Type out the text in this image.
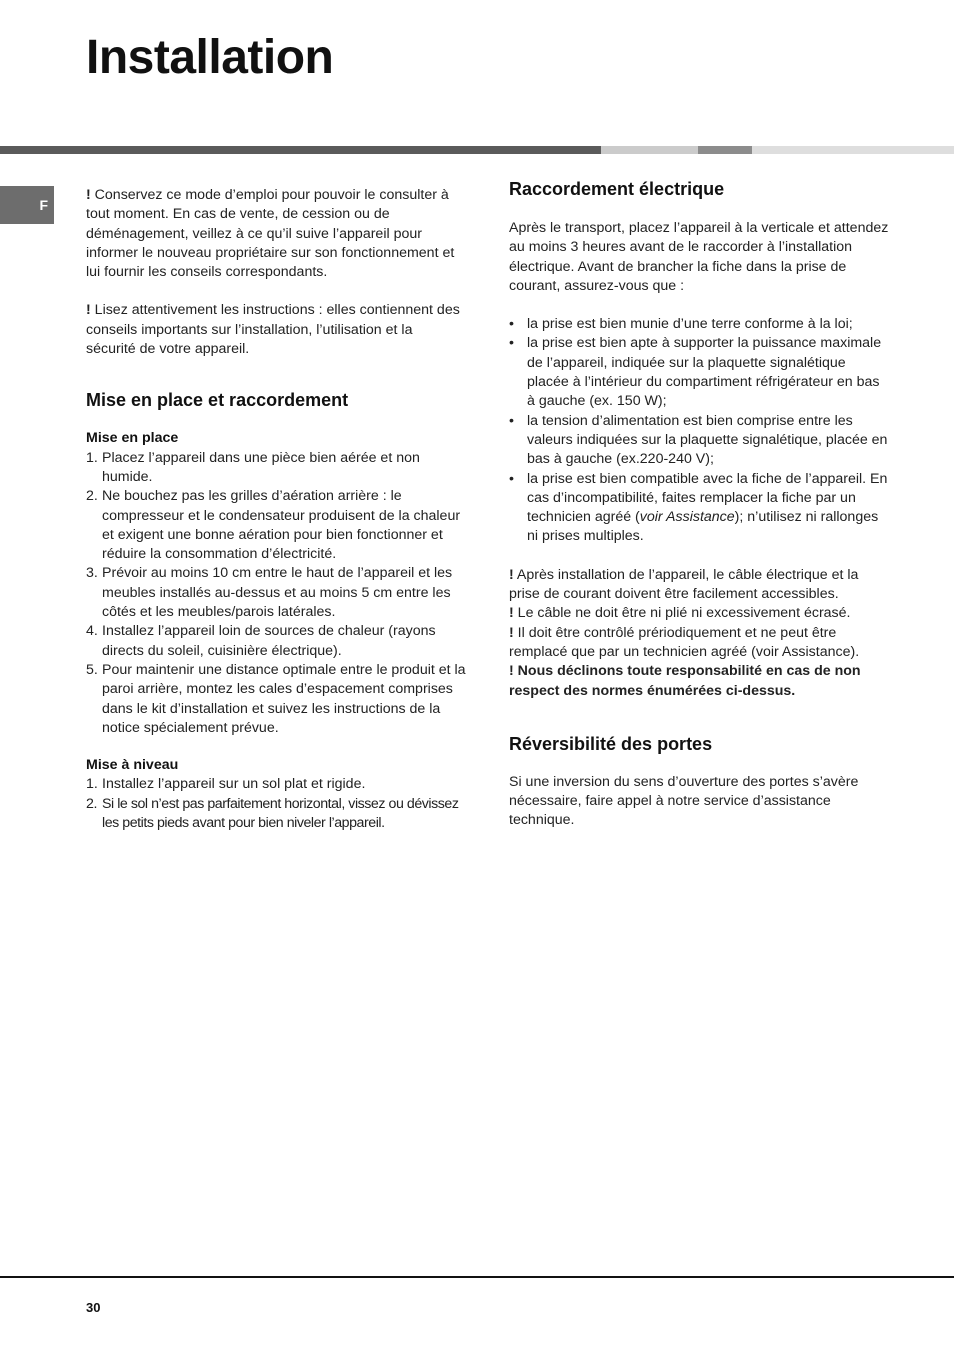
Installation
F

! Conservez ce mode d’emploi pour pouvoir le consulter à tout moment. En cas de vente, de cession ou de déménagement, veillez à ce qu’il suive l’appareil pour informer le nouveau propriétaire sur son fonctionnement et lui fournir les conseils correspondants.

! Lisez attentivement les instructions : elles contiennent des conseils importants sur l’installation, l’utilisation et la sécurité de votre appareil.

Mise en place et raccordement
Mise en place
1. Placez l’appareil dans une pièce bien aérée et non humide.
2. Ne bouchez pas les grilles d’aération arrière : le compresseur et le condensateur produisent de la chaleur et exigent une bonne aération pour bien fonctionner et réduire la consommation d’électricité.
3. Prévoir au moins 10 cm entre le haut de l’appareil et les meubles installés au-dessus et au moins 5 cm entre les côtés et les meubles/parois latérales.
4. Installez l’appareil loin de sources de chaleur (rayons directs du soleil, cuisinière électrique).
5. Pour maintenir une distance optimale entre le produit et la paroi arrière, montez les cales d’espacement comprises dans le kit d’installation et suivez les instructions de la notice spécialement prévue.
Mise à niveau
1. Installez l’appareil sur un sol plat et rigide.
2. Si le sol n’est pas parfaitement horizontal, vissez ou dévissez les petits pieds avant pour bien niveler l’appareil.
Raccordement électrique

Après le transport, placez l’appareil à la verticale et attendez au moins 3 heures avant de le raccorder à l’installation électrique. Avant de brancher la fiche dans la prise de courant, assurez-vous que :

• la prise est bien munie d’une terre conforme à la loi;
• la prise est bien apte à supporter la puissance maximale de l’appareil, indiquée sur la plaquette signalétique placée à l’intérieur du compartiment réfrigérateur en bas à gauche (ex. 150 W);
• la tension d’alimentation est bien comprise entre les valeurs indiquées sur la plaquette signalétique, placée en bas à gauche (ex.220-240 V);
• la prise est bien compatible avec la fiche de l’appareil. En cas d’incompatibilité, faites remplacer la fiche par un technicien agréé (voir Assistance); n’utilisez ni rallonges ni prises multiples.

! Après installation de l’appareil, le câble électrique et la prise de courant doivent être facilement accessibles.

! Le câble ne doit être ni plié ni excessivement écrasé.

! Il doit être contrôlé prériodiquement et ne peut être remplacé que par un technicien agréé (voir Assistance).

! Nous déclinons toute responsabilité en cas de non respect des normes énumérées ci-dessus.

Réversibilité des portes

Si une inversion du sens d’ouverture des portes s’avère nécessaire, faire appel à notre service d’assistance technique.

30
